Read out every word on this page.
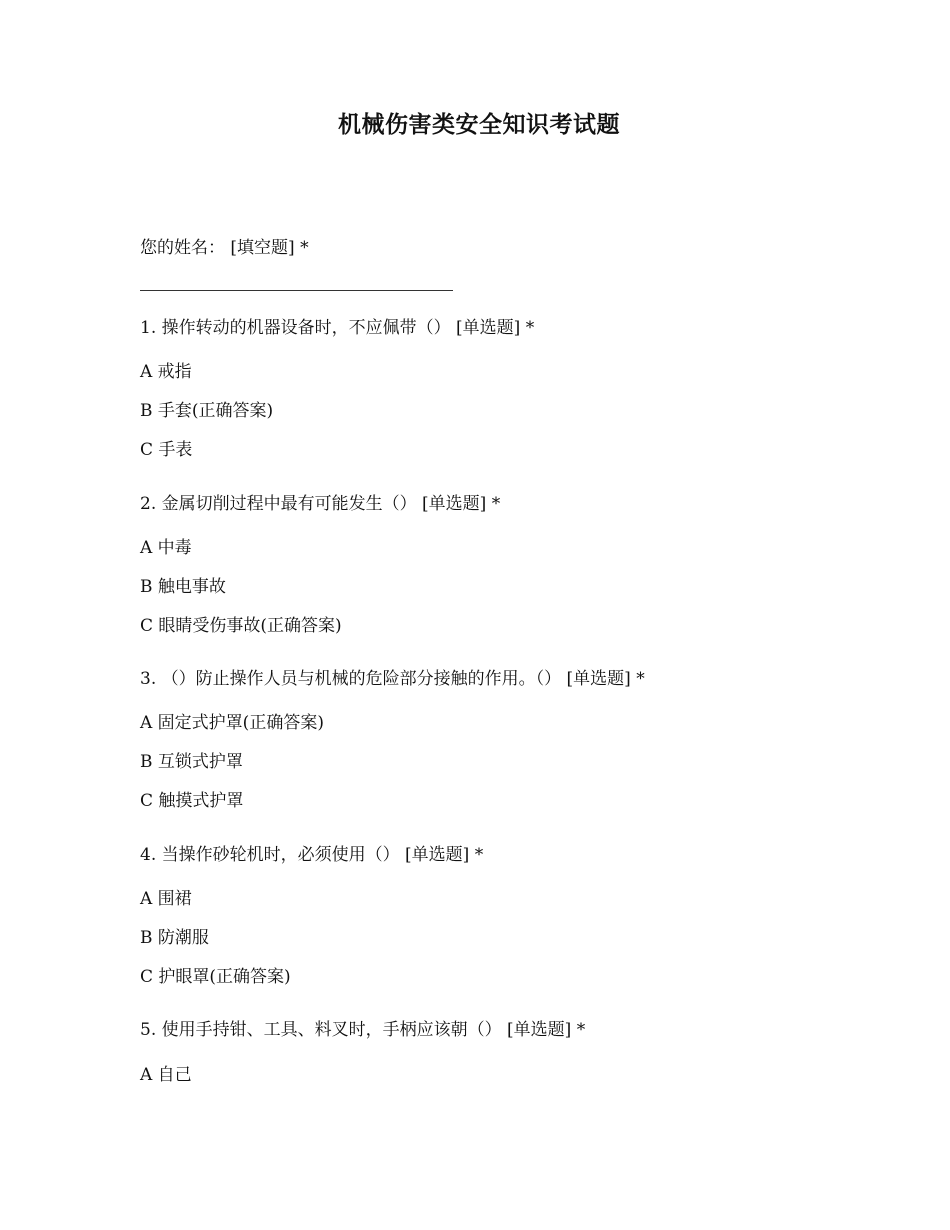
机械伤害类安全知识考试题
您的姓名： [填空题] *
1. 操作转动的机器设备时，不应佩带（） [单选题] *
A 戒指
B 手套(正确答案)
C 手表
2. 金属切削过程中最有可能发生（） [单选题] *
A 中毒
B 触电事故
C 眼睛受伤事故(正确答案)
3. （）防止操作人员与机械的危险部分接触的作用。（） [单选题] *
A 固定式护罩(正确答案)
B 互锁式护罩
C 触摸式护罩
4. 当操作砂轮机时，必须使用（） [单选题] *
A 围裙
B 防潮服
C 护眼罩(正确答案)
5. 使用手持钳、工具、料叉时，手柄应该朝（） [单选题] *
A 自己
